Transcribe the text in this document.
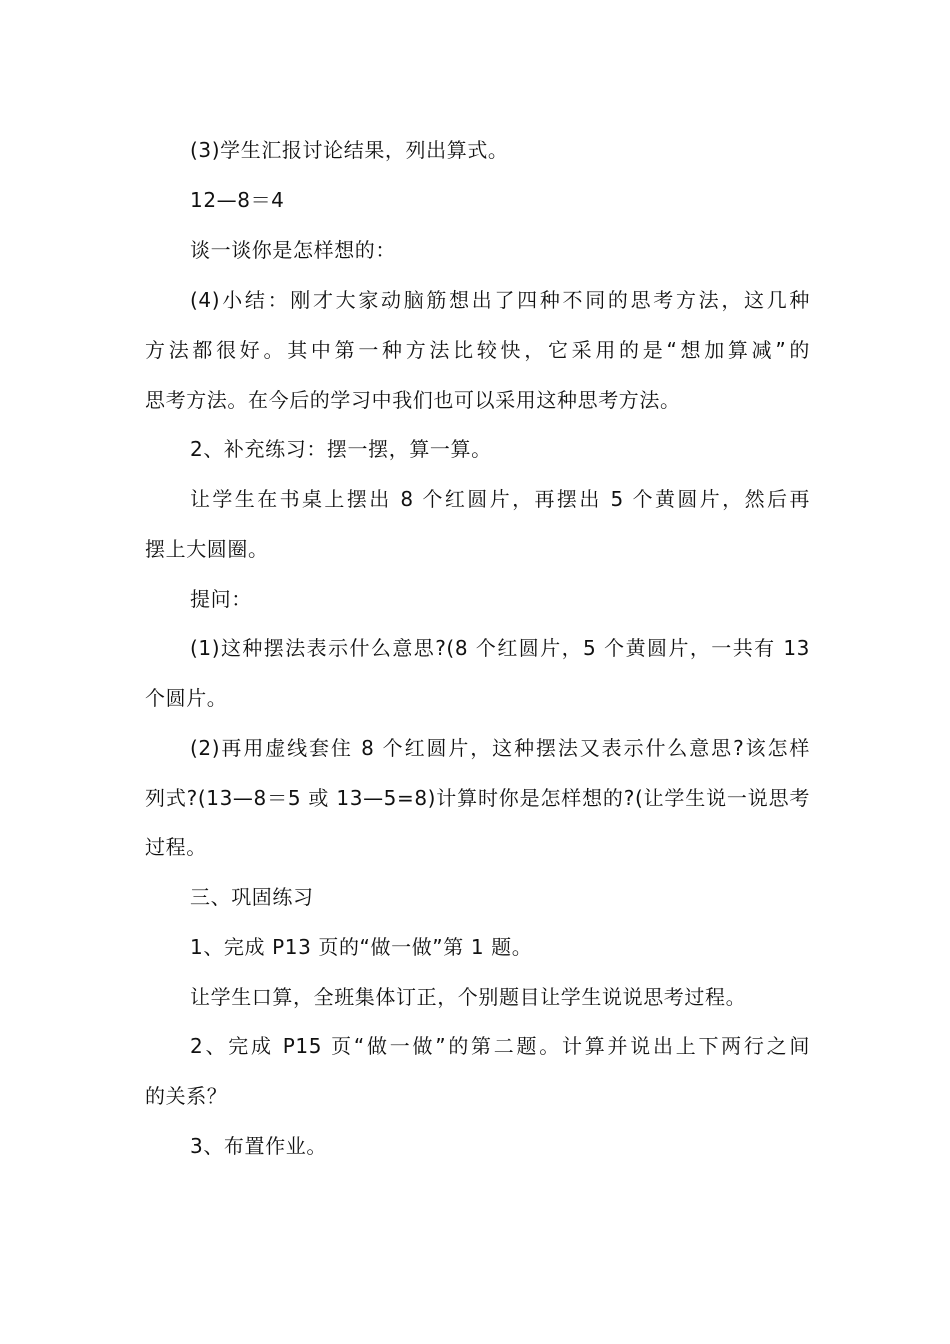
(3)学生汇报讨论结果，列出算式。
12—8＝4
谈一谈你是怎样想的：
(4)小结：刚才大家动脑筋想出了四种不同的思考方法，这几种
方法都很好。其中第一种方法比较快，它采用的是“想加算减”的
思考方法。在今后的学习中我们也可以采用这种思考方法。
2、补充练习：摆一摆，算一算。
让学生在书桌上摆出 8 个红圆片，再摆出 5 个黄圆片，然后再
摆上大圆圈。
提问：
(1)这种摆法表示什么意思?(8 个红圆片，5 个黄圆片，一共有 13
个圆片。
(2)再用虚线套住 8 个红圆片，这种摆法又表示什么意思?该怎样
列式?(13—8＝5 或 13—5=8)计算时你是怎样想的?(让学生说一说思考
过程。
三、巩固练习
1、完成 P13 页的“做一做”第 1 题。
让学生口算，全班集体订正，个别题目让学生说说思考过程。
2、完成 P15 页“做一做”的第二题。计算并说出上下两行之间
的关系？
3、布置作业。
